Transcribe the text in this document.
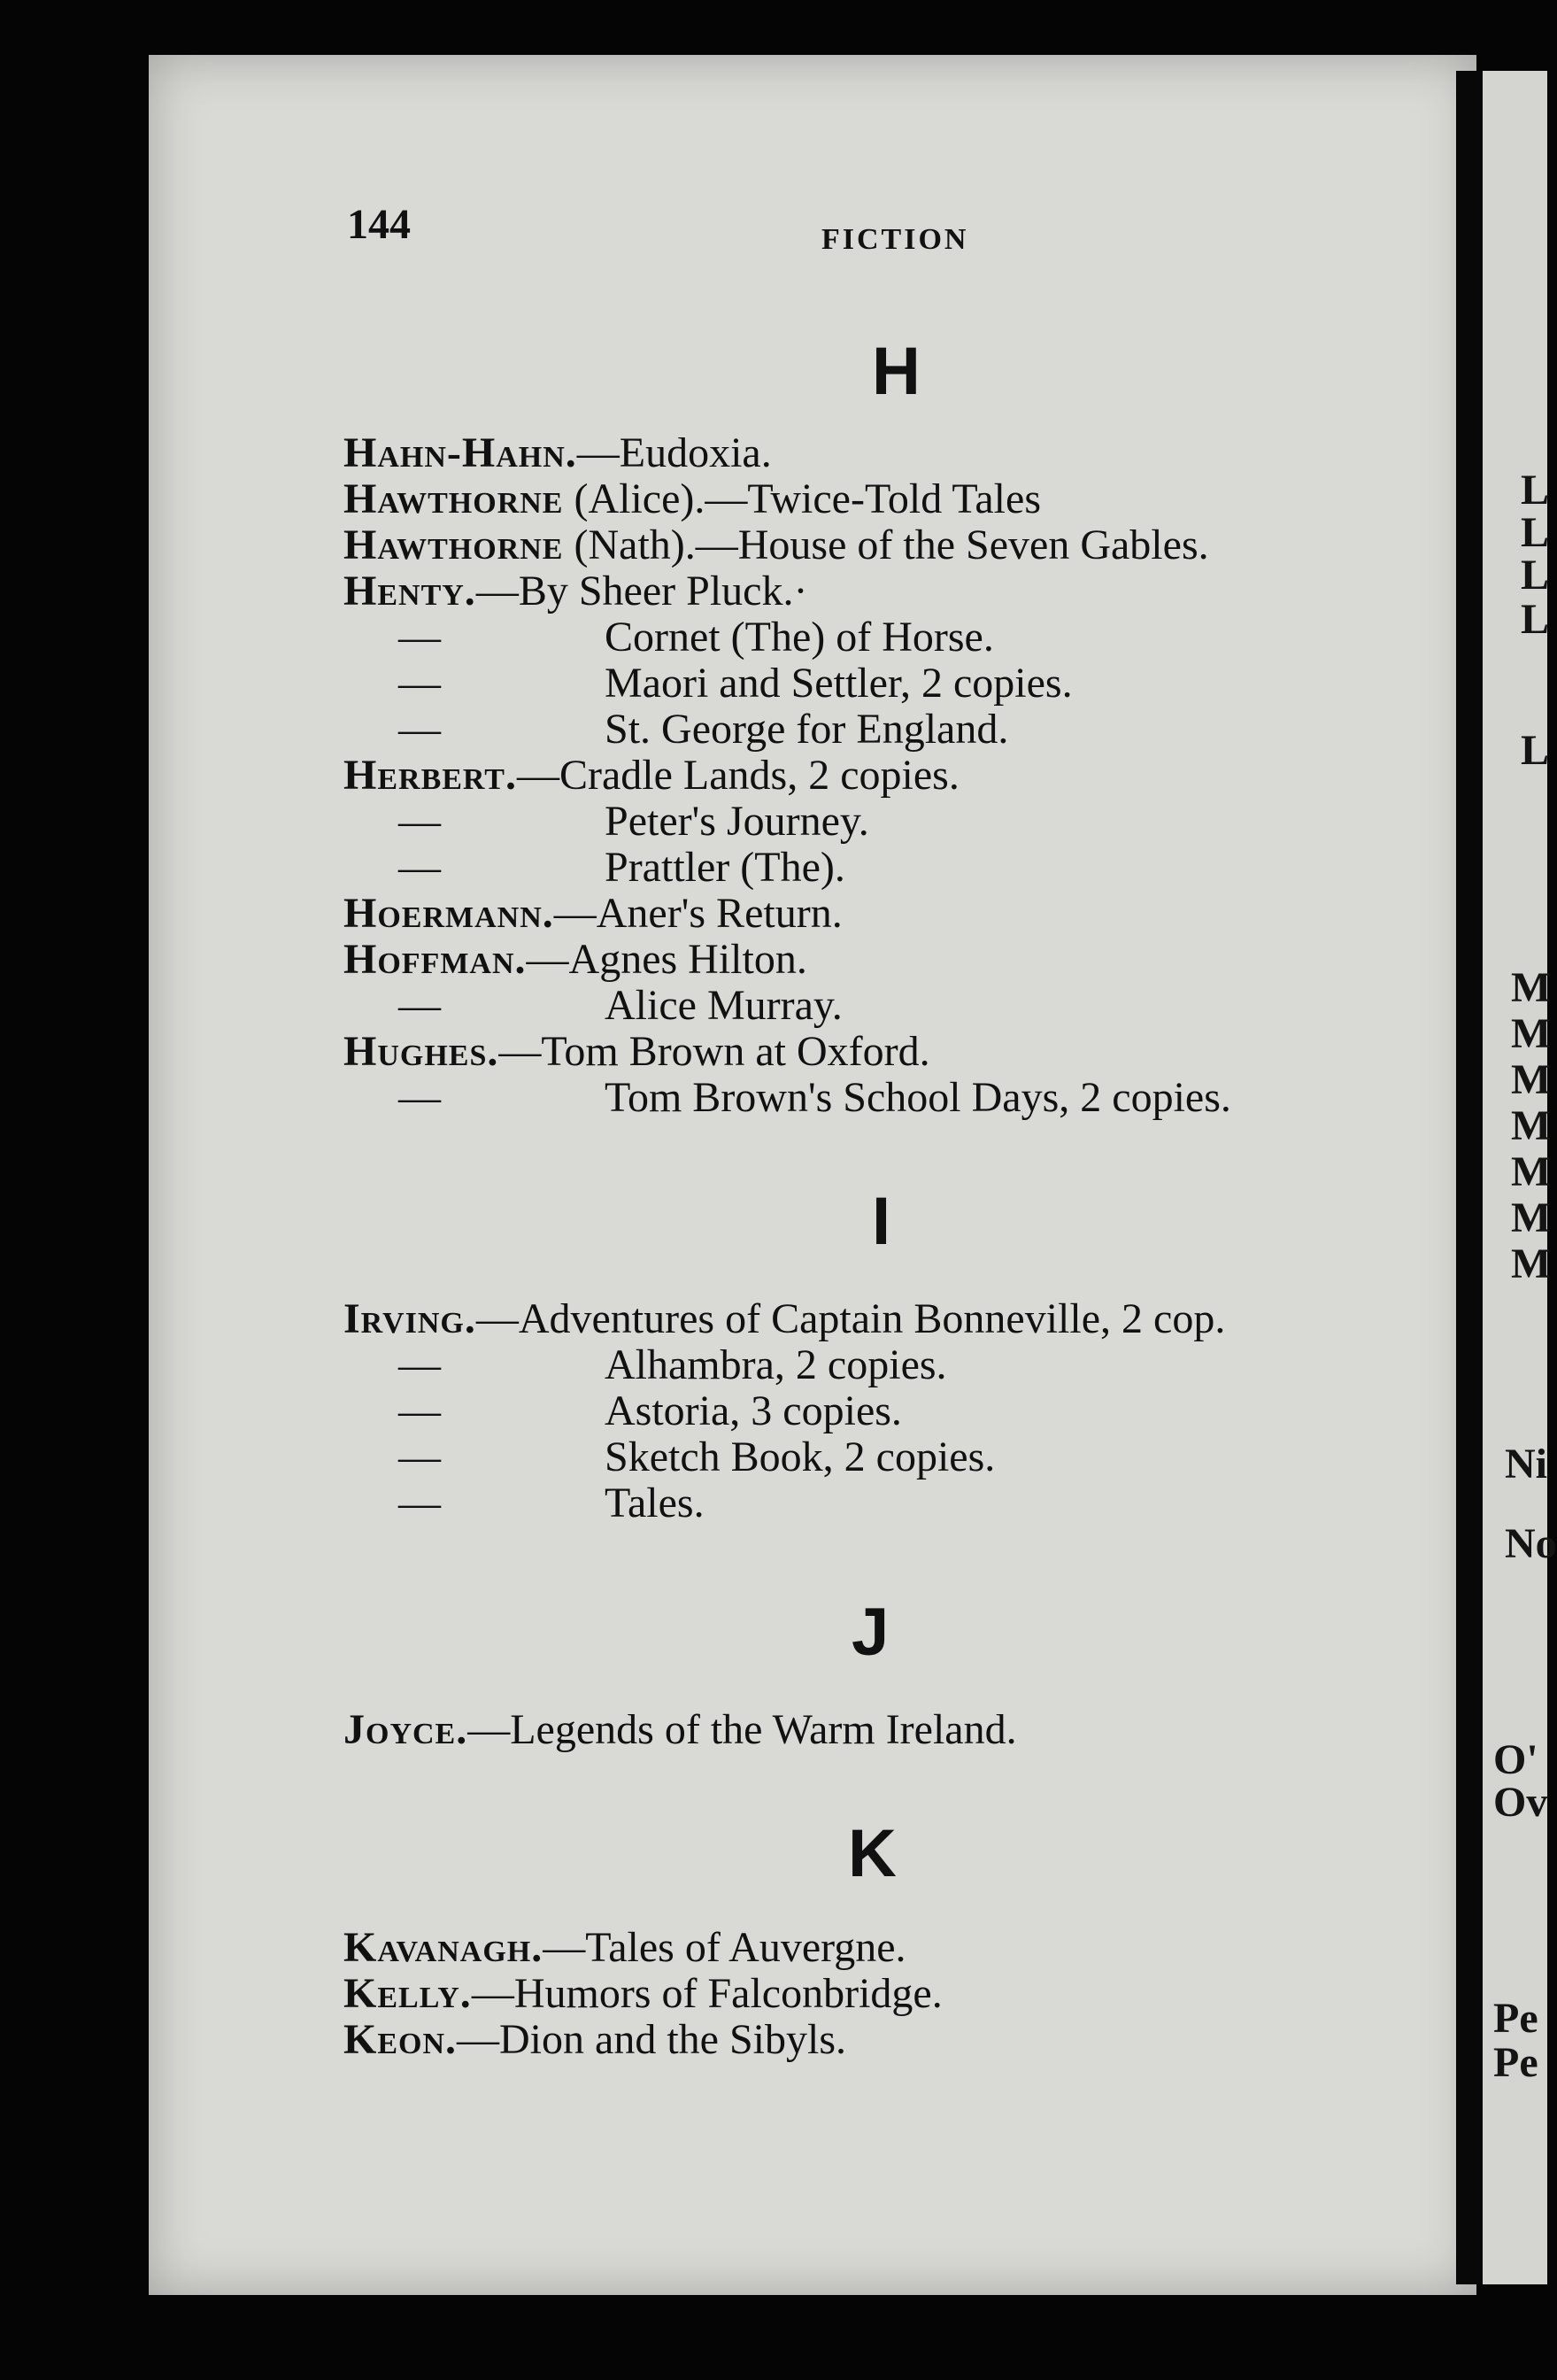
L
L
L
L
L
M
M
M
M
M
M
M
Ni
No
O'
Ov
Pe
Pe
144	FICTION
H
Hahn-Hahn.—Eudoxia.
Hawthorne (Alice).—Twice-Told Tales
Hawthorne (Nath).—House of the Seven Gables.
Henty.—By Sheer Pluck.·
—	Cornet (The) of Horse.
—	Maori and Settler, 2 copies.
—	St. George for England.
Herbert.—Cradle Lands, 2 copies.
—	Peter's Journey.
—	Prattler (The).
Hoermann.—Aner's Return.
Hoffman.—Agnes Hilton.
—	Alice Murray.
Hughes.—Tom Brown at Oxford.
—	Tom Brown's School Days, 2 copies.
I
Irving.—Adventures of Captain Bonneville, 2 cop.
—	Alhambra, 2 copies.
—	Astoria, 3 copies.
—	Sketch Book, 2 copies.
—	Tales.
J
Joyce.—Legends of the Warm Ireland.
K
Kavanagh.—Tales of Auvergne.
Kelly.—Humors of Falconbridge.
Keon.—Dion and the Sibyls.
